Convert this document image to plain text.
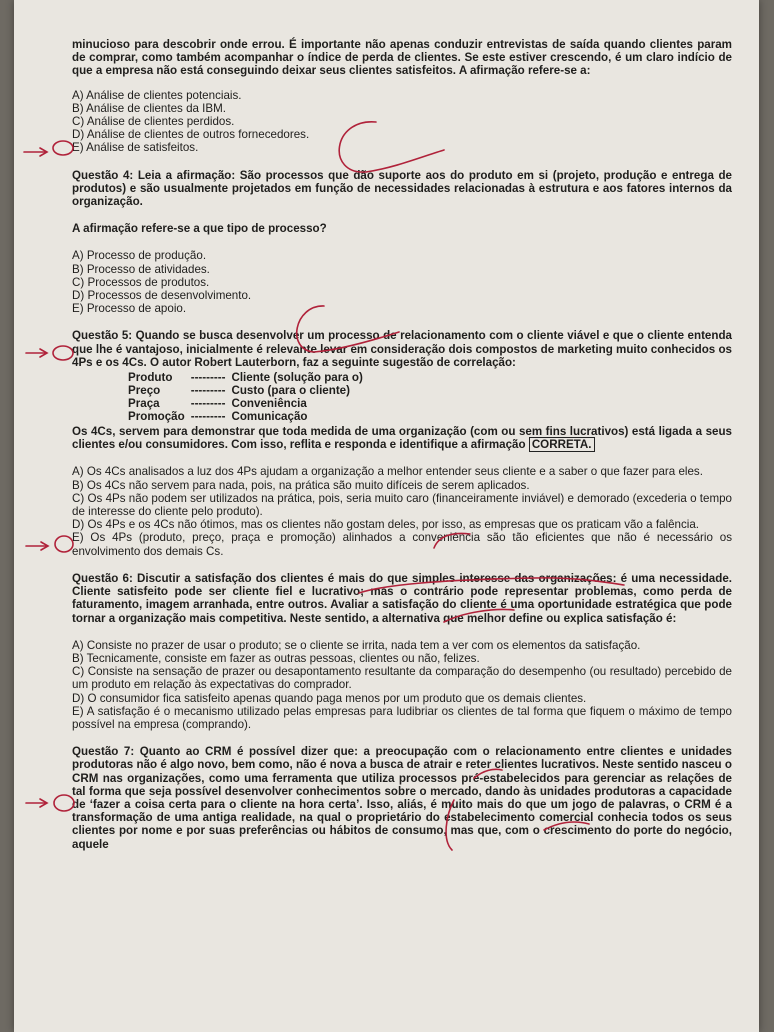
minucioso para descobrir onde errou. É importante não apenas conduzir entrevistas de saída quando clientes param de comprar, como também acompanhar o índice de perda de clientes. Se este estiver crescendo, é um claro indício de que a empresa não está conseguindo deixar seus clientes satisfeitos. A afirmação refere-se a:

A) Análise de clientes potenciais.

B) Análise de clientes da IBM.

C) Análise de clientes perdidos.

D) Análise de clientes de outros fornecedores.

E) Análise de satisfeitos.

Questão 4: Leia a afirmação: São processos que dão suporte aos do produto em si (projeto, produção e entrega de produtos) e são usualmente projetados em função de necessidades relacionadas à estrutura e aos fatores internos da organização.

A afirmação refere-se a que tipo de processo?

A) Processo de produção.

B) Processo de atividades.

C) Processos de produtos.

D) Processos de desenvolvimento.

E) Processo de apoio.

Questão 5: Quando se busca desenvolver um processo de relacionamento com o cliente viável e que o cliente entenda que lhe é vantajoso, inicialmente é relevante levar em consideração dois compostos de marketing muito conhecidos os 4Ps e os 4Cs. O autor Robert Lauterborn, faz a seguinte sugestão de correlação:

Produto	---------	Cliente (solução para o)
Preço	---------	Custo (para o cliente)
Praça	---------	Conveniência
Promoção	---------	Comunicação

Os 4Cs, servem para demonstrar que toda medida de uma organização (com ou sem fins lucrativos) está ligada a seus clientes e/ou consumidores. Com isso, reflita e responda e identifique a afirmação CORRETA.

A) Os 4Cs analisados a luz dos 4Ps ajudam a organização a melhor entender seus cliente e a saber o que fazer para eles.

B) Os 4Cs não servem para nada, pois, na prática são muito difíceis de serem aplicados.

C) Os 4Ps não podem ser utilizados na prática, pois, seria muito caro (financeiramente inviável) e demorado (excederia o tempo de interesse do cliente pelo produto).

D) Os 4Ps e os 4Cs não ótimos, mas os clientes não gostam deles, por isso, as empresas que os praticam vão a falência.

E) Os 4Ps (produto, preço, praça e promoção) alinhados a conveniência são tão eficientes que não é necessário os envolvimento dos demais Cs.

Questão 6: Discutir a satisfação dos clientes é mais do que simples interesse das organizações: é uma necessidade. Cliente satisfeito pode ser cliente fiel e lucrativo; mas o contrário pode representar problemas, como perda de faturamento, imagem arranhada, entre outros. Avaliar a satisfação do cliente é uma oportunidade estratégica que pode tornar a organização mais competitiva. Neste sentido, a alternativa que melhor define ou explica satisfação é:

A) Consiste no prazer de usar o produto; se o cliente se irrita, nada tem a ver com os elementos da satisfação.

B) Tecnicamente, consiste em fazer as outras pessoas, clientes ou não, felizes.

C) Consiste na sensação de prazer ou desapontamento resultante da comparação do desempenho (ou resultado) percebido de um produto em relação às expectativas do comprador.

D) O consumidor fica satisfeito apenas quando paga menos por um produto que os demais clientes.

E) A satisfação é o mecanismo utilizado pelas empresas para ludibriar os clientes de tal forma que fiquem o máximo de tempo possível na empresa (comprando).

Questão 7: Quanto ao CRM é possível dizer que: a preocupação com o relacionamento entre clientes e unidades produtoras não é algo novo, bem como, não é nova a busca de atrair e reter clientes lucrativos. Neste sentido nasceu o CRM nas organizações, como uma ferramenta que utiliza processos pré-estabelecidos para gerenciar as relações de tal forma que seja possível desenvolver conhecimentos sobre o mercado, dando às unidades produtoras a capacidade de ‘fazer a coisa certa para o cliente na hora certa’. Isso, aliás, é muito mais do que um jogo de palavras, o CRM é a transformação de uma antiga realidade, na qual o proprietário do estabelecimento comercial conhecia todos os seus clientes por nome e por suas preferências ou hábitos de consumo, mas que, com o crescimento do porte do negócio, aquele
